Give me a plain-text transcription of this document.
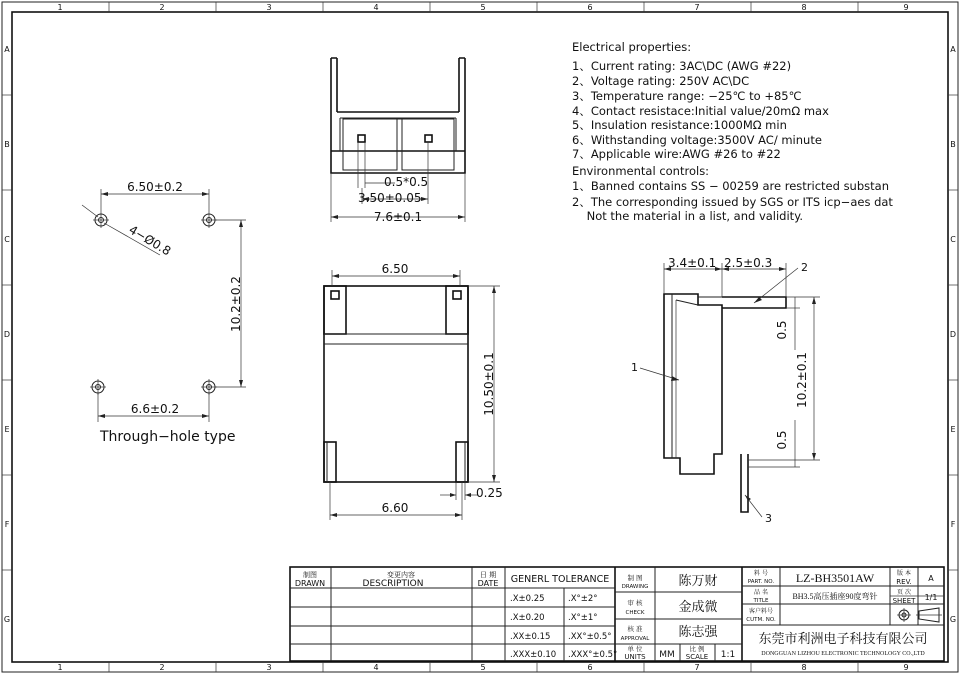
1	2	3	4	5	6	7	8	9
1	2	3	4	5	6	7	8	9
A
B
C
D
E
F
G
A
B
C
D
E
F
G
Electrical properties:
1、Current rating: 3AC\DC (AWG #22)
2、Voltage rating: 250V AC\DC
3、Temperature range: −25℃ to +85℃
4、Contact resistace:Initial value/20mΩ max
5、Insulation resistance:1000MΩ min
6、Withstanding voltage:3500V AC/ minute
7、Applicable wire:AWG #26 to #22
Environmental controls:
1、Banned contains SS − 00259 are restricted substan
2、The corresponding issued by SGS or ITS icp−aes dat
Not the material in a list, and validity.
6.50±0.2
4−Ø0.8
10.2±0.2
6.6±0.2
Through−hole type
0.5*0.5
3.50±0.05
7.6±0.1
6.50
10.50±0.1
0.25
6.60
3.4±0.1 2.5±0.3
0.5
10.2±0.1
0.5
1
2
3
制图
DRAWN
变更内容
DESCRIPTION
日 期
DATE GENERL TOLERANCE
.X±0.25	.X°±2°
.X±0.20	.X°±1°
.XX±0.15 .XX°±0.5°
.XXX±0.10 .XXX°±0.5°
制 图
DRAWING 陈万财
审 核
CHECK	金成微
核 准
APPROVAL 陈志强
单 位
UNITS MM
比 例
SCALE 1:1
料 号
PART. NO. LZ-BH3501AW
品 名
TITLE	BH3.5高压插座90度弯针
客户料号
CUTM. NO.
版 本
REV. A
页 次
SHEET 1/1
东莞市利洲电子科技有限公司
DONGGUAN LIZHOU ELECTRONIC TECHNOLOGY CO.,LTD
